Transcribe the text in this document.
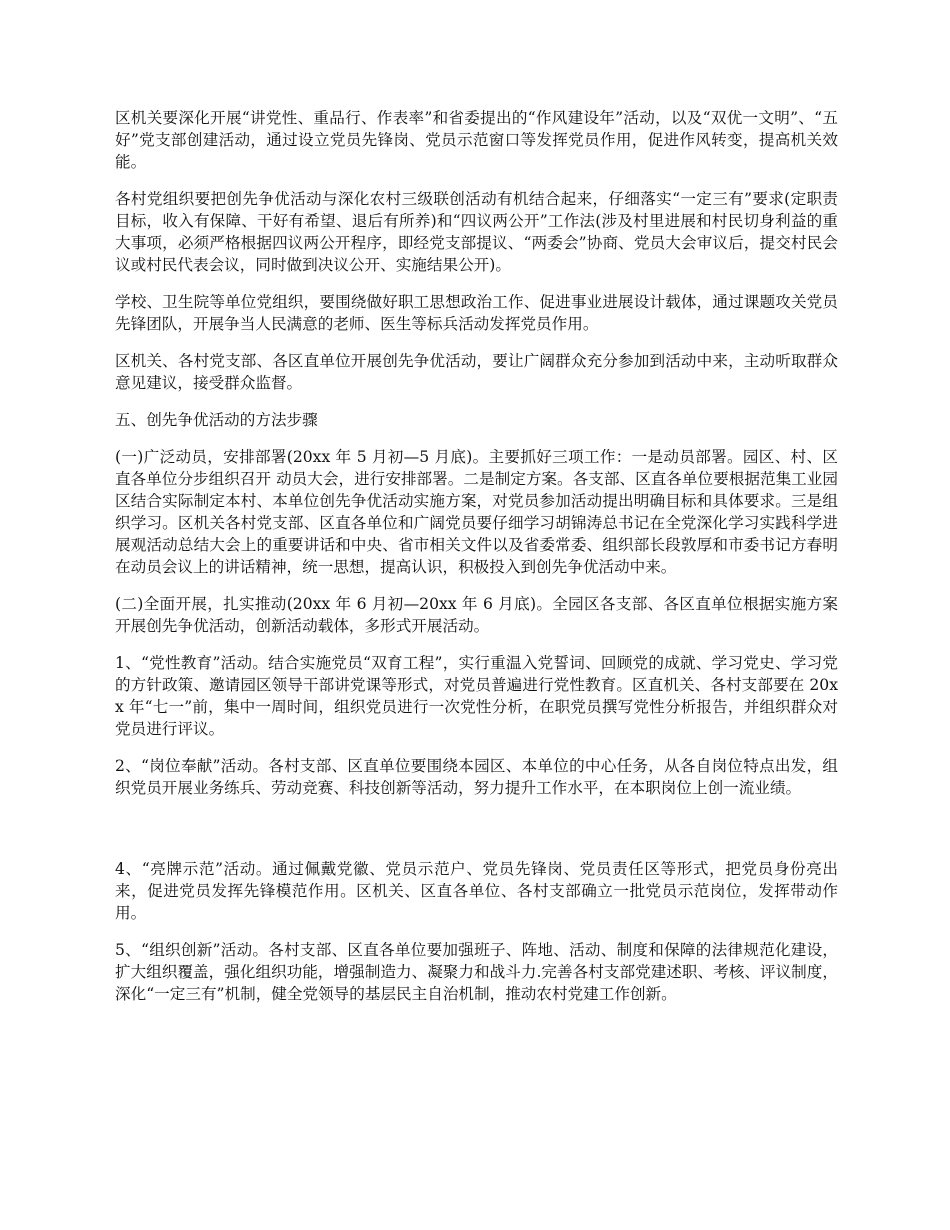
区机关要深化开展“讲党性、重品行、作表率”和省委提出的“作风建设年”活动，以及“双优一文明”、“五好”党支部创建活动，通过设立党员先锋岗、党员示范窗口等发挥党员作用，促进作风转变，提高机关效能。

各村党组织要把创先争优活动与深化农村三级联创活动有机结合起来，仔细落实“一定三有”要求(定职责目标，收入有保障、干好有希望、退后有所养)和“四议两公开”工作法(涉及村里进展和村民切身利益的重大事项，必须严格根据四议两公开程序，即经党支部提议、“两委会”协商、党员大会审议后，提交村民会议或村民代表会议，同时做到决议公开、实施结果公开)。

学校、卫生院等单位党组织，要围绕做好职工思想政治工作、促进事业进展设计载体，通过课题攻关党员先锋团队，开展争当人民满意的老师、医生等标兵活动发挥党员作用。

区机关、各村党支部、各区直单位开展创先争优活动，要让广阔群众充分参加到活动中来，主动听取群众意见建议，接受群众监督。

五、创先争优活动的方法步骤

(一)广泛动员，安排部署(20xx 年 5 月初—5 月底)。主要抓好三项工作：一是动员部署。园区、村、区直各单位分步组织召开 动员大会，进行安排部署。二是制定方案。各支部、区直各单位要根据范集工业园区结合实际制定本村、本单位创先争优活动实施方案，对党员参加活动提出明确目标和具体要求。三是组织学习。区机关各村党支部、区直各单位和广阔党员要仔细学习胡锦涛总书记在全党深化学习实践科学进展观活动总结大会上的重要讲话和中央、省市相关文件以及省委常委、组织部长段敦厚和市委书记方春明在动员会议上的讲话精神，统一思想，提高认识，积极投入到创先争优活动中来。

(二)全面开展，扎实推动(20xx 年 6 月初—20xx 年 6 月底)。全园区各支部、各区直单位根据实施方案开展创先争优活动，创新活动载体，多形式开展活动。

1、“党性教育”活动。结合实施党员“双育工程”，实行重温入党誓词、回顾党的成就、学习党史、学习党的方针政策、邀请园区领导干部讲党课等形式，对党员普遍进行党性教育。区直机关、各村支部要在 20xx 年“七一”前，集中一周时间，组织党员进行一次党性分析，在职党员撰写党性分析报告，并组织群众对党员进行评议。

2、“岗位奉献”活动。各村支部、区直单位要围绕本园区、本单位的中心任务，从各自岗位特点出发，组织党员开展业务练兵、劳动竞赛、科技创新等活动，努力提升工作水平，在本职岗位上创一流业绩。

4、“亮牌示范”活动。通过佩戴党徽、党员示范户、党员先锋岗、党员责任区等形式，把党员身份亮出来，促进党员发挥先锋模范作用。区机关、区直各单位、各村支部确立一批党员示范岗位，发挥带动作用。

5、“组织创新”活动。各村支部、区直各单位要加强班子、阵地、活动、制度和保障的法律规范化建设，扩大组织覆盖，强化组织功能，增强制造力、凝聚力和战斗力.完善各村支部党建述职、考核、评议制度，深化“一定三有”机制，健全党领导的基层民主自治机制，推动农村党建工作创新。
